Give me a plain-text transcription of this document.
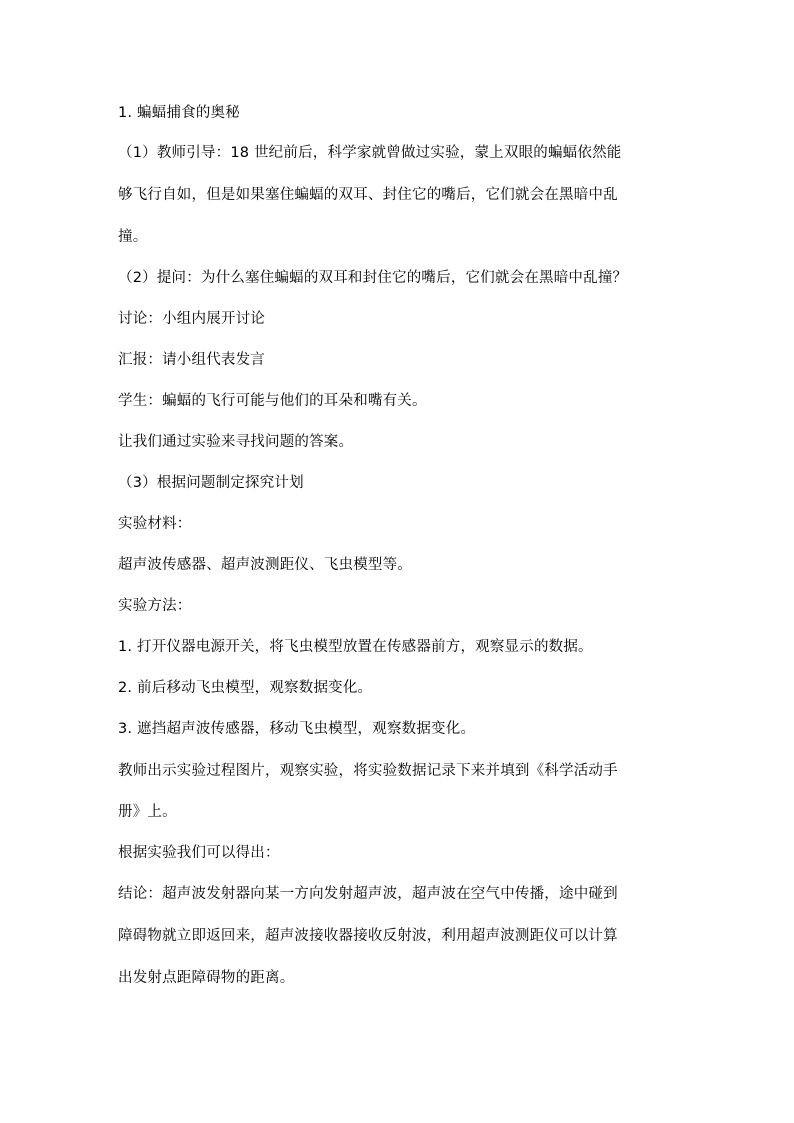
1. 蝙蝠捕食的奥秘
（1）教师引导：18 世纪前后，科学家就曾做过实验，蒙上双眼的蝙蝠依然能
够飞行自如，但是如果塞住蝙蝠的双耳、封住它的嘴后，它们就会在黑暗中乱
撞。
（2）提问：为什么塞住蝙蝠的双耳和封住它的嘴后，它们就会在黑暗中乱撞？
讨论：小组内展开讨论
汇报：请小组代表发言
学生：蝙蝠的飞行可能与他们的耳朵和嘴有关。
让我们通过实验来寻找问题的答案。
（3）根据问题制定探究计划
实验材料：
超声波传感器、超声波测距仪、飞虫模型等。
实验方法：
1. 打开仪器电源开关，将飞虫模型放置在传感器前方，观察显示的数据。
2. 前后移动飞虫模型，观察数据变化。
3. 遮挡超声波传感器，移动飞虫模型，观察数据变化。
教师出示实验过程图片，观察实验，将实验数据记录下来并填到《科学活动手
册》上。
根据实验我们可以得出：
结论：超声波发射器向某一方向发射超声波，超声波在空气中传播，途中碰到
障碍物就立即返回来，超声波接收器接收反射波，利用超声波测距仪可以计算
出发射点距障碍物的距离。
